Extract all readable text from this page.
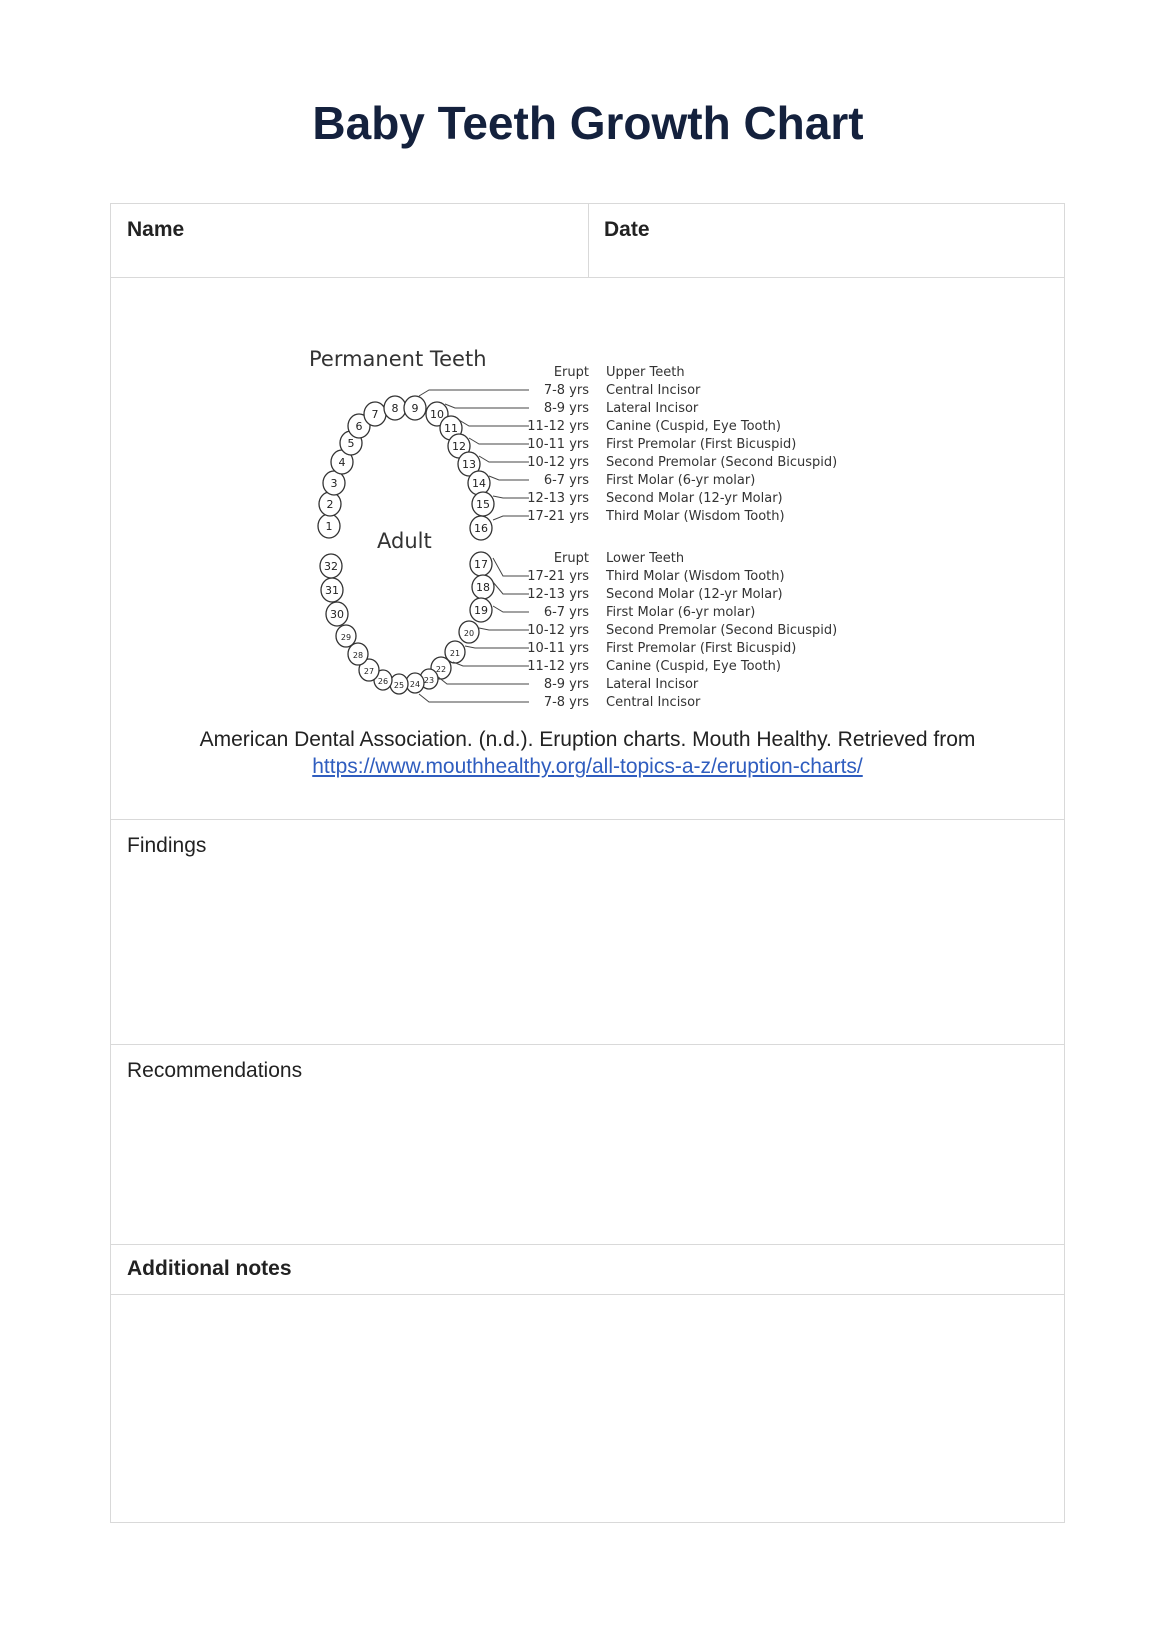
Baby Teeth Growth Chart
Name	Date
Permanent Teeth
Adult
1
2
3
4
5
6
7 8 9 10
11
12
13
14
15
16
17
18
19
20
21
22
23
24
25
26
27
28
29
30
31
32
Erupt Upper Teeth
7-8 yrs Central Incisor
8-9 yrs Lateral Incisor
11-12 yrs Canine (Cuspid, Eye Tooth)
10-11 yrs First Premolar (First Bicuspid)
10-12 yrs Second Premolar (Second Bicuspid)
6-7 yrs First Molar (6-yr molar)
12-13 yrs Second Molar (12-yr Molar)
17-21 yrs Third Molar (Wisdom Tooth)
Erupt Lower Teeth
17-21 yrs Third Molar (Wisdom Tooth)
12-13 yrs Second Molar (12-yr Molar)
6-7 yrs First Molar (6-yr molar)
10-12 yrs Second Premolar (Second Bicuspid)
10-11 yrs First Premolar (First Bicuspid)
11-12 yrs Canine (Cuspid, Eye Tooth)
8-9 yrs Lateral Incisor
7-8 yrs Central Incisor
American Dental Association. (n.d.). Eruption charts. Mouth Healthy. Retrieved from
https://www.mouthhealthy.org/all-topics-a-z/eruption-charts/
Findings
Recommendations
Additional notes
